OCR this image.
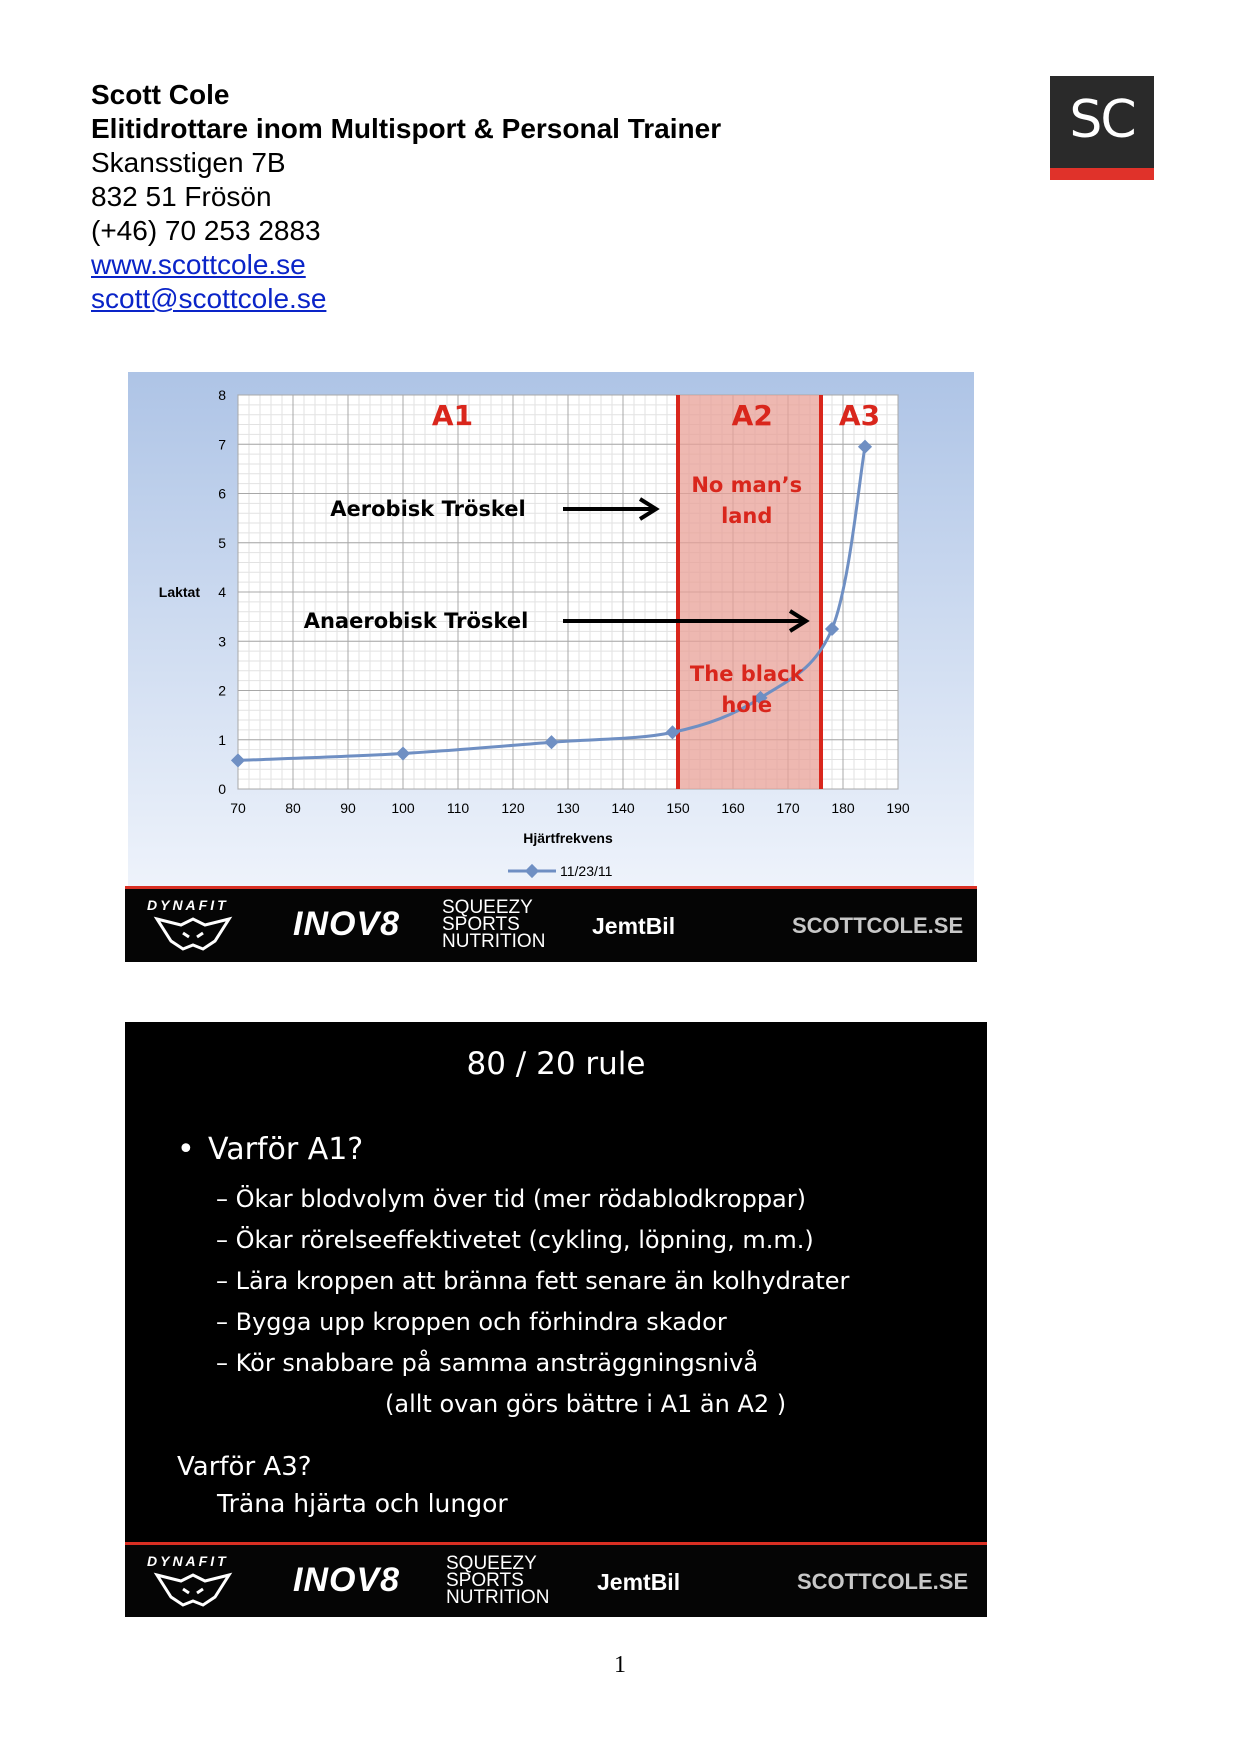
Scott Cole
Elitidrottare inom Multisport & Personal Trainer
Skansstigen 7B
832 51 Frösön
(+46) 70 253 2883
www.scottcole.se
scott@scottcole.se
SC
70	80	90	100 110 120 130 140 150 160 170 180 190
0
1
2
3
4
5
6
7
8
Hjärtfrekvens
Laktat
A1	A2 A3
No man’s
land
The black
hole
Aerobisk Tröskel
Anaerobisk Tröskel
11/23/11
DYNAFIT INOV8 SQUEEZY
SPORTS
NUTRITION
JemtBil	SCOTTCOLE.SE
80 / 20 rule
• Varför A1?
– Ökar blodvolym över tid (mer rödablodkroppar)
– Ökar rörelseeffektivetet (cykling, löpning, m.m.)
– Lära kroppen att bränna fett senare än kolhydrater
– Bygga upp kroppen och förhindra skador
– Kör snabbare på samma ansträggningsnivå
(allt ovan görs bättre i A1 än A2 )
Varför A3?
Träna hjärta och lungor
DYNAFIT INOV8 SQUEEZY
SPORTS
NUTRITION
JemtBil	SCOTTCOLE.SE
1
